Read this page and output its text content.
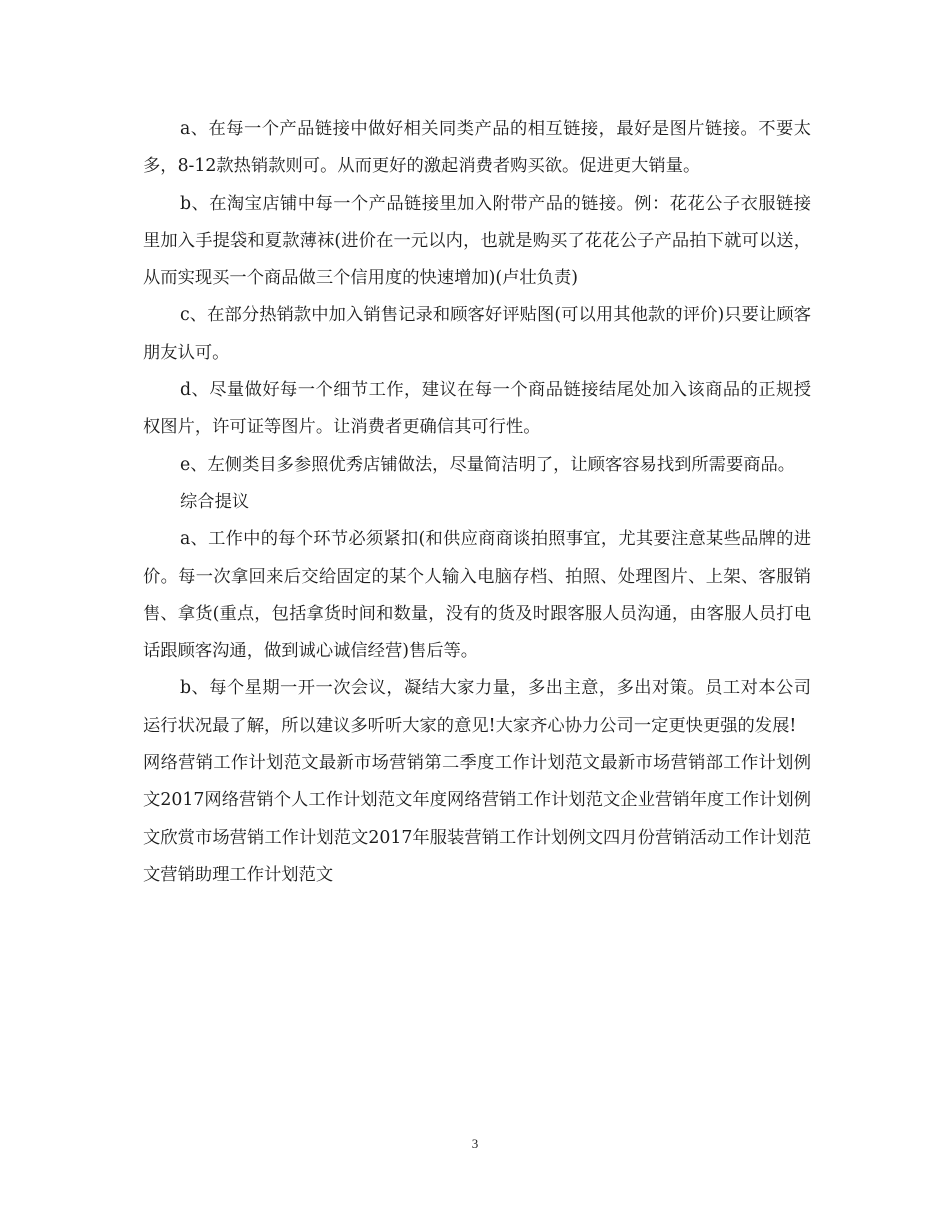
a、在每一个产品链接中做好相关同类产品的相互链接，最好是图片链接。不要太多，8-12款热销款则可。从而更好的激起消费者购买欲。促进更大销量。

b、在淘宝店铺中每一个产品链接里加入附带产品的链接。例：花花公子衣服链接里加入手提袋和夏款薄袜(进价在一元以内，也就是购买了花花公子产品拍下就可以送，从而实现买一个商品做三个信用度的快速增加)(卢壮负责)

c、在部分热销款中加入销售记录和顾客好评贴图(可以用其他款的评价)只要让顾客朋友认可。

d、尽量做好每一个细节工作，建议在每一个商品链接结尾处加入该商品的正规授权图片，许可证等图片。让消费者更确信其可行性。

e、左侧类目多参照优秀店铺做法，尽量简洁明了，让顾客容易找到所需要商品。

综合提议

a、工作中的每个环节必须紧扣(和供应商商谈拍照事宜，尤其要注意某些品牌的进价。每一次拿回来后交给固定的某个人输入电脑存档、拍照、处理图片、上架、客服销售、拿货(重点，包括拿货时间和数量，没有的货及时跟客服人员沟通，由客服人员打电话跟顾客沟通，做到诚心诚信经营)售后等。

b、每个星期一开一次会议，凝结大家力量，多出主意，多出对策。员工对本公司运行状况最了解，所以建议多听听大家的意见!大家齐心协力公司一定更快更强的发展!

网络营销工作计划范文最新市场营销第二季度工作计划范文最新市场营销部工作计划例文2017网络营销个人工作计划范文年度网络营销工作计划范文企业营销年度工作计划例文欣赏市场营销工作计划范文2017年服装营销工作计划例文四月份营销活动工作计划范文营销助理工作计划范文

3
